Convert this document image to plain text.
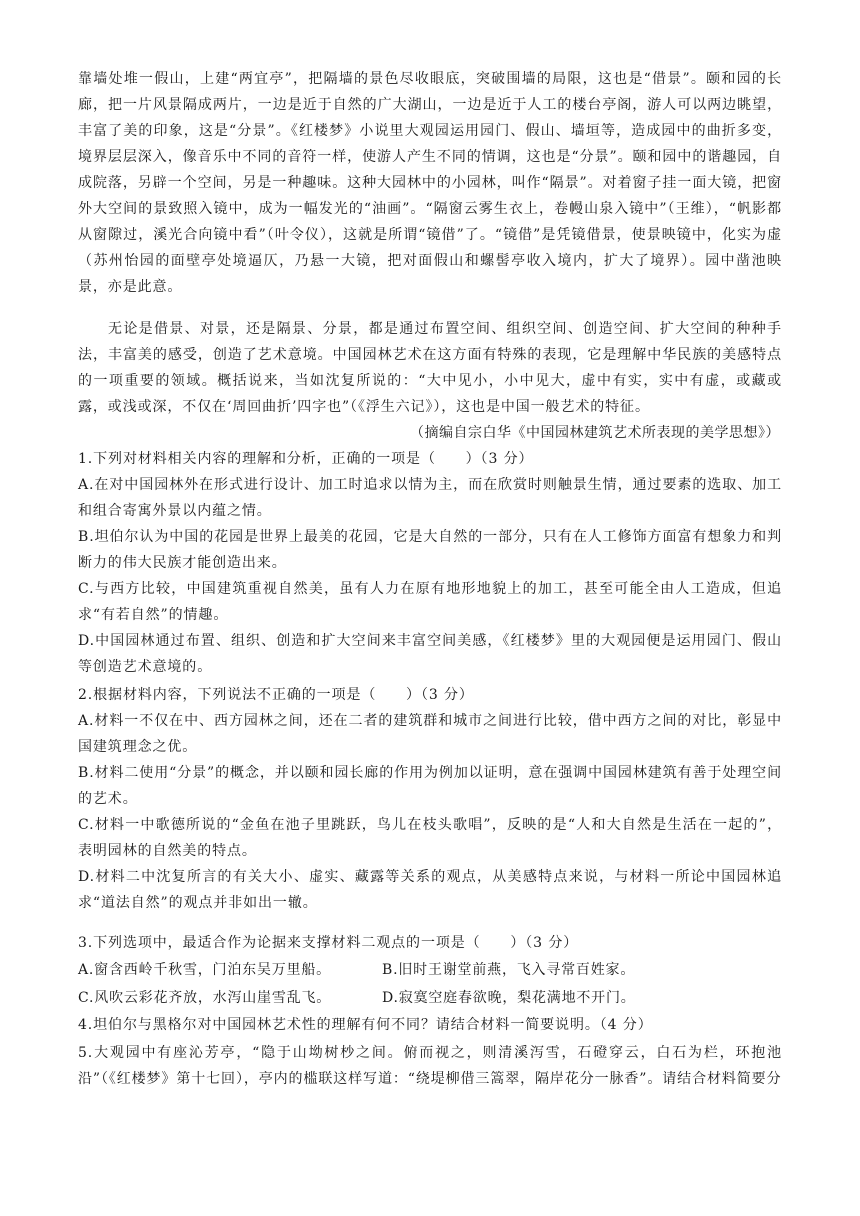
靠墙处堆一假山，上建“两宜亭”，把隔墙的景色尽收眼底，突破围墙的局限，这也是“借景”。颐和园的长廊，把一片风景隔成两片，一边是近于自然的广大湖山，一边是近于人工的楼台亭阁，游人可以两边眺望，丰富了美的印象，这是“分景”。《红楼梦》小说里大观园运用园门、假山、墙垣等，造成园中的曲折多变，境界层层深入，像音乐中不同的音符一样，使游人产生不同的情调，这也是“分景”。颐和园中的谐趣园，自成院落，另辟一个空间，另是一种趣味。这种大园林中的小园林，叫作“隔景”。对着窗子挂一面大镜，把窗外大空间的景致照入镜中，成为一幅发光的“油画”。“隔窗云雾生衣上，卷幔山泉入镜中”（王维），“帆影都从窗隙过，溪光合向镜中看”（叶令仪），这就是所谓“镜借”了。“镜借”是凭镜借景，使景映镜中，化实为虚（苏州怡园的面壁亭处境逼仄，乃悬一大镜，把对面假山和螺髻亭收入境内，扩大了境界）。园中凿池映景，亦是此意。

无论是借景、对景，还是隔景、分景，都是通过布置空间、组织空间、创造空间、扩大空间的种种手法，丰富美的感受，创造了艺术意境。中国园林艺术在这方面有特殊的表现，它是理解中华民族的美感特点的一项重要的领域。概括说来，当如沈复所说的：“大中见小，小中见大，虚中有实，实中有虚，或藏或露，或浅或深，不仅在‘周回曲折’四字也”（《浮生六记》），这也是中国一般艺术的特征。

（摘编自宗白华《中国园林建筑艺术所表现的美学思想》）

1.下列对材料相关内容的理解和分析，正确的一项是（　　）（3 分）

A.在对中国园林外在形式进行设计、加工时追求以情为主，而在欣赏时则触景生情，通过要素的选取、加工和组合寄寓外景以内蕴之情。

B.坦伯尔认为中国的花园是世界上最美的花园，它是大自然的一部分，只有在人工修饰方面富有想象力和判断力的伟大民族才能创造出来。

C.与西方比较，中国建筑重视自然美，虽有人力在原有地形地貌上的加工，甚至可能全由人工造成，但追求“有若自然”的情趣。

D.中国园林通过布置、组织、创造和扩大空间来丰富空间美感，《红楼梦》里的大观园便是运用园门、假山等创造艺术意境的。

2.根据材料内容，下列说法不正确的一项是（　　）（3 分）

A.材料一不仅在中、西方园林之间，还在二者的建筑群和城市之间进行比较，借中西方之间的对比，彰显中国建筑理念之优。

B.材料二使用“分景”的概念，并以颐和园长廊的作用为例加以证明，意在强调中国园林建筑有善于处理空间的艺术。

C.材料一中歌德所说的“金鱼在池子里跳跃，鸟儿在枝头歌唱”，反映的是“人和大自然是生活在一起的”，表明园林的自然美的特点。

D.材料二中沈复所言的有关大小、虚实、藏露等关系的观点，从美感特点来说，与材料一所论中国园林追求“道法自然”的观点并非如出一辙。

3.下列选项中，最适合作为论据来支撑材料二观点的一项是（　　）（3 分）

A.窗含西岭千秋雪，门泊东吴万里船。	B.旧时王谢堂前燕，飞入寻常百姓家。
C.风吹云彩花齐放，水泻山崖雪乱飞。	D.寂寞空庭春欲晚，梨花满地不开门。

4.坦伯尔与黑格尔对中国园林艺术性的理解有何不同？请结合材料一简要说明。（4 分）

5.大观园中有座沁芳亭，“隐于山坳树杪之间。俯而视之，则清溪泻雪，石磴穿云，白石为栏，环抱池沿”（《红楼梦》第十七回），亭内的槛联这样写道：“绕堤柳借三篙翠，隔岸花分一脉香”。请结合材料简要分
